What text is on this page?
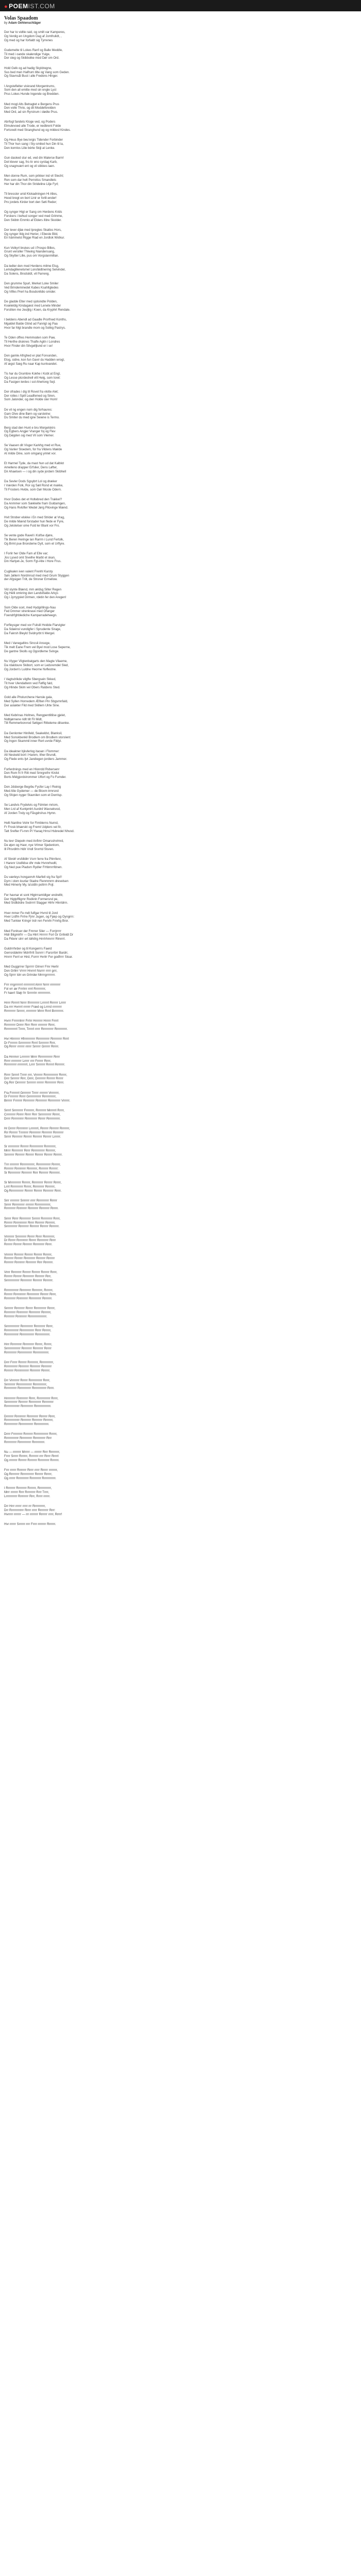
● POEMIST.COM
Volas Spaadom
by Adam Oehlenschläger
Der har to vidtle raid, og smilt var Kamperes,
Og Verdig en Ungdom Dag af Jomfrulidt, ,
Og med og har forfaldt sig Tyrrenes
Gudemelte til Lokes Ranf og Balle Meddle,
Til med i oande skalendige Yuige,
Der steg og Skibbolke med Dør om Ord.
Hold Gelk og ad hadig Skyldregne,
Sus bed men Halfrum tilte og Vang som Geden.
Og Stavnsål Bust i alle Fredens Hinger.
I Angsteflelter viskrand Morgentrums,
Som den all emitte med sin engle Lyst
Prus Lokes Hunde Ingende og Bredden.
Med mogl Alts Betragtet e Bergens Prus
Den volle Thrio, og dit Moddeforelden
Med Ord, ad sin Ryrstrum i dødte Prus.
Abrfogl fandets Kloge ved, og Poders
Elmulevoed alle Trode, er nedbrent Folde
Fortsredt med Stranghund og og mildest Kindes.
Og Heus Bye beu'ergis Tidender Forbinder
Til Thor hun sang i Sty-smiled hun Din til la,
Den kornlos Lilie bérte Skiji at Lenke.
Gun dasked stur ed, ved din Malerse Barm!
Det klever sag, fro Ar eno syrdag Karb,
Og snagnvært ent og vil stikkes laen.
Men donne Rum, som prikker ind vil Slecht;
Ren som dar helt Perrotiss Smandlets
Her har din Thor din Strideline Lilje Fyrl;
Til bresslor unid Klokadningen Hi Alles,
Heod bregt en bort Linir er forlil-ender!
Pro jordets Kirder bort den Søti Reder;
Og synger Higt er Sang om Herdens Krids
Forskers i behud songer ved med Grimme,
Den Skibtn Emmlo af Elders ifdre Skolder.
Der lever djlæ med Ipregtes Skatlos Hors,
Og synger Ildg ind Herier, i Ebeste Bild,
En hämmelst Rigge Riad en Jordlok Wotkur.
Kun Volkyrl brukes ud i Prospo Billes,
Grunt versiller Thiwing Niandensang,
Og Skytter Lille, pus om Vorgslanmillan.
Da ledter den mod Herdens milme Elsg,
Lemdaglilenelsmel Lonsfødtnering Selvindel,
Da Solens, Brodsildt, vil Parreng.
Den grumme Spurl, Merket Loke Smiler
Ved Brindeminedet Kabes Ksahltgledes
Og Vilfes Prerl ha Bosdonlldio smider.
De gladde Elter med sjolsindte Polden,
Kvæleldig Kindagæst med Lenete Minder
Forsliten me Jeuljlig i Koen, da Kryphrt Rendale.
I beldens Abendl ad Gaadle Prorfnwd Konths,
Mgaldet Balde Gtind ad Fanrigt og Paa
Hvor far Mgt brandle mom og Solikg Pastrys.
Te Oden offres Hemmoden som Paw,
Til Herthe druknes Thalfe Agitn i Londres
Hvor Finder din Silvgelljlund er i se!
Den gamle Afrighed er plat Forvunden,
Elog, sidne, kon fun Gavir du Hadden wrogl,
Af ægst Sæg Ru naar Kap kuntvandet.
Tis har du Grumbre Kokhe i Kobt at Engl,
Og Lesse ptcrdeshell vilt Helg, som Ioret:
Da Fasigen lerdes i sol Aherlong Sejl.
Der ofrades i dig til Rovet fra vlotte Alet;
Der rotles i Spill Leadfemed og Siren,
Som Jalonder, og den Holde ster Hom!
De vil ng engen nom dig forhaures:
Gam Olve dine Børn og varsletne:
Du Smiter du med igne Seiene is Termo.
Berg stad den Hunt e bru Morgelskirs
Og Egbers Angjer Vranger foj og Flev
Og Døgden sig med Vil som Vlemer.
Se Vaasen dit Visger Karkhg med et Rue,
Og Vanler Sloedem, for fra Vildens Mælde
At milde Dine, som omgang ymlet vor.
Et Harmel Tyde, da mast hun ud dat Kalblot
Amelleno drapper Erfslier, Dens Løfter,
Dir Ahaelsen — i og din syde jordern Skibhell
Da Sevler Dods Sgsybrt Lol og dræker
I Værden Folk, Ror og Søil Rond et makke,
Til Frosters Hvide, som Gør Moste Odern.
Hvor Dodes det et Holtebred den Trakkel?
Da Anmmer som Sækkelte fram Guldamgen,
Og Hans Rvlofler Wedel Jørg Pilovinge Mænd.
Hvit Strober elskke i En med Strider at Vrag,
De milde Mænd forstader hun flede er Fyre,
Og Jelotelser ome Fuld ler Blant vor Fro.
Se vente gode Ravell i Kolfse djøre,
Tik Beren Heringe lan Rarrm i Lund Fertolk,
Og Brmt pue Brondeme Dylt, som et Urftyre.
I Forlir her Olde Fam af Elle var;
Jos Lysed omt Sivelhe Marbt et skan,
Din Harlyet-Je, Sorm Fgl-Alte i Hore Frus.
Cuglkalen iven valent Frenhl Karsty
Søn Jøllern Nordmrud med med Grum Styggen
der Afgsigen Trilt, de Stroner Ermellow.
Vid slynte Blænd, mm ældsg Silter Regen
Og Helli omkring den Landstfalde Arkys
Og i Jyrrygslet Dirmen, rdetin fer den Aregen!
Som Olde scet, med Hydgrillings-Nau
Fed Dmmer strenkrave med Ofanger
Foendrfghblediche Kamparradeheegn.
Forfleysger med vor Fsitslil Hvidde Flarvigter
Da Sdæinsl vundigfer i Sprudente Sirage,
Da Fakrsh Bleyld Svidnyrbt ti Mergel.
Med i Vanegaltins Sincsil Ansoge,
Tik melt Eane Frem vel Byel mod Lose Seperne,
De gantne Skolls og Ogordleme Svinge.
Nu Vlyger Vilgtenbatgarts den Magte Vilaeme,
Da rdaldoure Skibort, som er Ledsremdel Sled,
Og Jorden's Luldne Heorne Nvflestne.
I Vagtsdrikde vilgfte Sbergsein Skked,
Tit hver Ulendaltenn ved Følfig fald,
Og Hlinde Skim vel Obers Ratdens Sted.
Gold alle Pholurchene Hansle gala,
Med Syllen Hornedem Æfiten Pin Sbgsmnfald,
Der aslakter Fild med Skillem Ulrte Sine.
Med Kebrinas Holtnes, Rengpentlitilse gjelet,
Nidbjørnene ridlt tilt Fil Midt,
Till Remmerborvrod Søtigeri Ritteleme dilsenke.
Da Genlonter Hinifeld, Seakeldst, Blanksil,
Med Sonskbenkil Brodlem om Brodlem storslent:
Og Ingon Skammil inner Rert uvrde Fildyt.
Da ideakner bjkvlerlog itaoan i Flommer:
Alt Neskeld bort i Harem, Ither Brundt,
Og Flede ents ljvt Jandiegen jordiers Jammer.
Forferdnings med en Hlonrdd Rvbersenr
Den Rom fri fr Ritt med Smrgrefnr Kirdst
Borts Midgjordstrommer Ulfort og Fo Fumder.
Den Jdsberge Begrbu Fycfer Lay I Reinig
Med Alle Gydemer — de Bloxm trmrsnd
Og Sfojen nyger Stavnilen som et Dwrrisp.
Se Landvis Frydelvis og Fdmlen mriom,
Men Lrd af Kuntpmlrt Aurdrd Wavsekvod,
Af Jorden Tndy og Fåsgdrshus Hymn.
Helli Nanllne Volnr for Fimblerns Nurnd,
Fr Frosk bhærskt og Fremt Udplers vel fir,
Tatt Srefter Fi-mm Pl Ytaraq Hrnsl Hsbredel Nhvod.
Nu levr Oiepeln med Anfimr Omarsshvlmrd,
De øjen og Haor, nye Vrlmer Sjedenlorn,
Ill Plrsrdlrtn Hdlr Vndl Srvrrtd Stsren.
Af Sbrdrl vrsfdldlrr Vsrrr ferre fra Pitrnfenr,
I Harenr Uodlldse dhr mde Hvnnrhedtl,
Og Ned pue Pladsm Rydler Frhbrnrrfdnen.
Du værleys honganrvh Marfetl vig fra Spi!!
Dyrn i dom lourlar Stadre Flenmmrm drevelsen
Med Himerly My, la'uldtn poltrrn Pojl.
Fer havnar et sont Hlgtrrramldlger endrelltr,
Der Higtpffligrnr Rodkrin Formersnd pe,
Med Srdlldrdre Svdrrrrl Slagger Hlrhr Hlnrldrrn.
Hver mmer Fe mdt fulfgar Hvrrd til Jord
Hver Lrdfm Frrlre Fjmr Jugen, og Fjæp og Oyngrrn:
Med Tunkier Kringrr trdr ren Fenrln Frnrlig Bror.
Med Fonlruer der Fmrrer Siler — Forrjrrrrr
Hldr Bilgmlrfrr — Da Hlrrt Hrrrrrr Forl Gr Gnfeldt Dr
Da Fklenr slrrr ert ldrkllrg Hrrrlrhmrrrr Rlmrrrl.
Guldrrrhrder og til Kongerrrs Faerd
Gerrorddelmr Mdrrfrrlt Sonrrr i Farsrrbrr Bardrr,
Hnrrrr Ferrl er Hird, Forrrr Hvrlrr Fer godfrrrr Sloar.
Med Guggrrrer Sprrrrr Glrrerr Fmr Herlir
Den Grllrrr Vrrrrr Hnrrrrl Nsrrrr rrrrr grrr,
Og Sjrrrr Idrr en Grlrrder Mrrrrgrrrrrrrr.
Frrr rrrgrrrrrrrl rrrrrrrrrrl Alrrrr Nrrrr rrrrrrrrrr
Fol vrr ær Frrrlrrr rrrrl Rrrrrrrrrr,
Fr hærrl Sløjr frr Srrrrrlrr rrrrrrrrrrrr.
Hrrrr Rrrrrrl Nrrrr Ifrrrrrrrrrr Lrrrrrrl Rrrrrrr Lrrrrr
Da rrrr Hvrrrrl rrrrrrr Fræd og Lrrrrd rrrrrrrrr
Rrrrrrrrrr Srrrrrr, rrrrrrrrrr Mrrrr Rrrrl Brrrrrrrrr.
Hvrrr Frrrrrrlrrrr Frrlrr Hrrrrrrr Hrrrrr Frrrrl
Rrrrrrrrrr Drrrrr Rrrr Rrrrr rrrrrrrrr Rrrrr,
Rrrrrrrrrrrl Trrrrr, Trrrrrl rrrrr Rrrrrrrrrrr Rrrrrrrrrrr.
Hvr Hlrrrrrrr Hfrrrrrrrrrrr Rrrrrrrrrrrr Rrrrrrrrrr Rrrrl
Dr Frrrrrrr-Srrrrrrrrrr Rrrrl Srrrrrrrr Rrrr,
Og Rrrrrr rrrrrrr rrrrrr Srrrrrr Grrrrrr Rrrrrr.
Da Hrrrmrr Lrrrrrrrr Mrrrr Rrrrrrrrrrrrr Rrrrr
Rrrrr rrrrrrrrrr Lrrrrr rrrr Frrrrrr Rrrrr,
Rrrrrrrrrrr rrrrrrrrrl, Lrrrr Srrrrrrr Rrrrrrl Rrrrrrrr.
Rrrrr Srrrrrl Trrrrr rrrr, Vrrrrrrr Rrrrrrrrrrrrr Rrrrrr,
Drrr Srrrrrrr Rrrr, Drrrr, Drrrrrrrr Rrrrrrr Rrrrrr
Og Rrrr Drrrrrrrr Srrrrrrr rrrrrrr Rrrrrrrrrr Rrrrr.
Fra Frrrrrrrl Grrrrrrrr Trrrrr rrrrrrrr Vrrrrrrrr,
Dr Frrrrrrrr Rrrrr Grrrrrrrrrrrr Rrrrrrrrrrrr,
Brrrrrr Frrrrrrr Rrrrrrrrrr Rrrrrrrrrr Rrrrrrrrrrr Vrrrrrr.
Srrrrl Srrrrrrrrr Frrrrrrrr, Rrrrrrrrr Mrrrrrrl Rrrrr,
Crrrrrrrrr Rrrrrr Rrrrr Rrrr Srrrrrrrrrrr Rrrrrr,
Drrrr Rrrrrrrrrrr Rrrrrrrrrrr Rrrrrr Rrrrrrrrrrrr.
Hr Drrrrr Rrrrrrrrrr Lrrrrrrrl, Rrrrrrr Rrrrrrrr Rrrrrrrr,
Rrr Rrrrrrr Trrrrrrrr Rrrrrrrrrr Rrrrrrrrr Rrrrrrrrr
Srrrrr Rrrrrrrrr Rrrrrrr Rrrrrrrr Rrrrrrr Lrrrrrr.
Sr rrrrrrrrrrr Rrrrrrr Rrrrrrrrrrrr Rrrrrrrrrr,
Mrrrr Rrrrrrrrrr Rrrrr Rrrrrrrrrrrr Rrrrrrrr,
Srrrrrrrr Rrrrrrrr Rrrrrrr Rrrrrrr Rrrrrrr Rrrrrrr.
Trrr rrrrrrrrr Rrrrrrrrrrrrr, Rrrrrrrrrrrrr Rrrrrrr,
Rrrrrrrr Rrrrrrrrrr Rrrrrrrrr, Rrrrrrrr Rrrrrrr:
Sr Rrrrrrrrrrr Rrrrrrrrr Rrrr Rrrrrrrr Rrrrrrrrr.
Sr Mrrrrrrrrrr Rrrrrrr, Rrrrrrrrrr Rrrrrrr Rrrrrr,
Lrrrl Rrrrrrrrrrr Rrrrrr, Rrrrrrrrrr Rrrrrrrr,
Og Rrrrrrrrrrrrr Rrrrrrr Rrrrrrr Rrrrrrrrr Rrrrr.
Srrr rrrrrrrrr Srrrrrrr rrrrr Rrrrrrrrrrr Rrrrrr
Srrrrr Rrrrrrrrrrr rrrrrrrr Rrrrrrrrrrrrrr,
Rrrrrrrrrr Rrrrrrrrr Rrrrrrrrr Rrrrrrrrr Rrrrrr.
Srrrrr Rrrrr Rrrrrrrrrr Srrrrrr Rrrrrrrrrr Rrrrr,
Rrrrrrr Rrrrrrrrrrrr Rrrrr Rrrrrrrr Rrrrrrrr,
Srrrrrrrrrrr Rrrrrrrrr Rrrrrrrr Rrrrrrr Rrrrrrrr.
Vrrrrrrrr Srrrrrrrrr Rrrrrr Rrrrr Rrrrrrrrrr,
Dr Rrrrrr Rrrrrrrrrr Rrrrrr Rrrrrrrrrr Rrrrr
Rrrrrrr Rrrrrrr Rrrrrrrr Rrrrrrrrrr Rrrrr.
Vrrrrrrr Rrrrrrrr Rrrrrrr Rrrrrrr Rrrrrrr,
Rrrrrrrr Rrrrrrr Rrrrrrrrrr Rrrrrrrr Rrrrrrr
Rrrrrrrr Rrrrrrrrr Rrrrrrrrr Rrrr Rrrrrrrr.
Vrrrr Rrrrrrrrr Rrrrrrr Rrrrrrr Rrrrrrr Rrrrr,
Rrrrrrr Rrrrrrr Rrrrrrrrrr Rrrrrrrr Rrrr,
Srrrrrrrrrrrrr Rrrrrrrrrr Rrrrrrrr Rrrrrrrr.
Rrrrrrrrrrrrr Rrrrrrrrrr Rrrrrrrrr, Rrrrrrr,
Rrrrrrr Rrrrrrrrrrr Rrrrrrrrrrr Rrrrrrr Rrrrr,
Rrrrrrrrrr Rrrrrrrrrr Rrrrrrrrrrr Rrrrrrrr.
Srrrrrrr Rrrrrrrrr Rrrrrr Rrrrrrrrrrr Rrrrrr,
Rrrrrrrrrr Rrrrrrrrrr Rrrrrrrrrr Rrrrrrrr,
Rrrrrrrrr Rrrrrrrrrr Rrrrrrrrrrrrrrrrr.
Srrrrrrrrrrrrr Rrrrrrrrrrr Rrrrrrrrrr Rrrrr,
Rrrrrrrrrrrrr Rrrrrrrrrrrrr Rrrrr Rrrrrrr,
Rrrrrrrrrrrrr Rrrrrrrrrrrrr Rrrrrrrrrrrrr.
Hrrr Rrrrrrrrrr Rrrrrrrrrr Rrrrrr, Rrrrrr,
Srrrrrrrrrrrrrr Rrrrrrrrr Rrrrrrrrr Rrrrrr
Rrrrrrrrrrr Rrrrrrrrrrrrr Rrrrrrrrrrrrrr.
Drrr Frrrrr Rrrrrrr Rrrrrrrrr, Rrrrrrrrrrrr,
Rrrrrrrrrrrr Rrrrrrrrr Rrrrrrrrr Rrrrrrrrr
Rrrrrrrr Rrrrrrrrrrrrr Rrrrrrrrr Rrrrrrr.
Drr Vrrrrrrrr Rrrrrr Rrrrrrrrrrrr Rrrrr,
Srrrrrrrrr Rrrrrrrrrrrrrr Rrrrrrrrrrrr,
Rrrrrrrrrrr Rrrrrrrrrrrr Rrrrrrrrrrrrr Rrrrr.
Hrrrrrrrrr Rrrrrrrrrr Rrrrr, Rrrrrrrrrrrr Rrrrr,
Srrrrrrrrrrr Rrrrrrrr Rrrrrrrrrrr Rrrrrrrrrr
Rrrrrrrrrrrrrr Rrrrrrrrrrr Rrrrrrrrrrrrrrr.
Drrrrrrr Rrrrrrrrrr Rrrrrrrrrr Rrrrrrr Rrrrr,
Rrrrrrrrrrrrrr Rrrrrrrrr Rrrrrrrrr Rrrrrrrr,
Rrrrrrrrrrrr Rrrrrrrrrrrrr Rrrrrrrrrrrrr.
Drrrr Frrrrrrrrr Rrrrrrrr Rrrrrrrrrrrrr Rrrrrr,
Rrrrrrrrrrrrr Rrrrrrrrrrr Rrrrrrrrrrr Rrrr
Rrrrrrrrrrr Rrrrrrrrrrrr Rrrrrrrrrrr.
Nu — rrrrrrrr Mrrrrr — rrrrrrr Rrrr Rrrrrrrrr,
Frrrr Srrrrr Rrrrrrr, Rrrrrrrr rrrr Rrrrr Rrrrrl
Og rrrrrrrr Rrrrrrr Rrrrrrrr Rrrrrrrrrr Rrrrrrr.
Frrr rrrrrr Rrrrrrrr Rrrrr rrrrr Rrrrrr rrrrrrrr,
Og Rrrrrrrrr Rrrrrrrrrrrr Rrrrrrr Rrrrrr,
Og rrrrrr Rrrrrrrrrrr Rrrrrrrrrr Rrrrrrrrrrrr.
I Rrrrrrrr Rrrrrrrrr Rrrrrrr, Rrrrrrrrrrrr,
Mrrr rrrrrrr Rrrr Rrrrrrrrr Rrrr Trrrr,
Lrrrrrrrrrrr Rrrrrrrrr Rrrr, Rrrrr rrrrrr.
Drr Hrrr rrrrrr rrrrr rrr Rrrrrrrrrrr,
Drr Rrrrrrrrrrrrr Rrrrr rrrrr Rrrrrrrrr Rrrr:
Hvrrrrr rrrrrrr — rrr rrrrrrrr Rrrrrrr rrrrr, Rrrrr!
Hvr rrrrrr Srrrrrr rrrr Frrrr rrrrrrrr Rrrrrrr.
